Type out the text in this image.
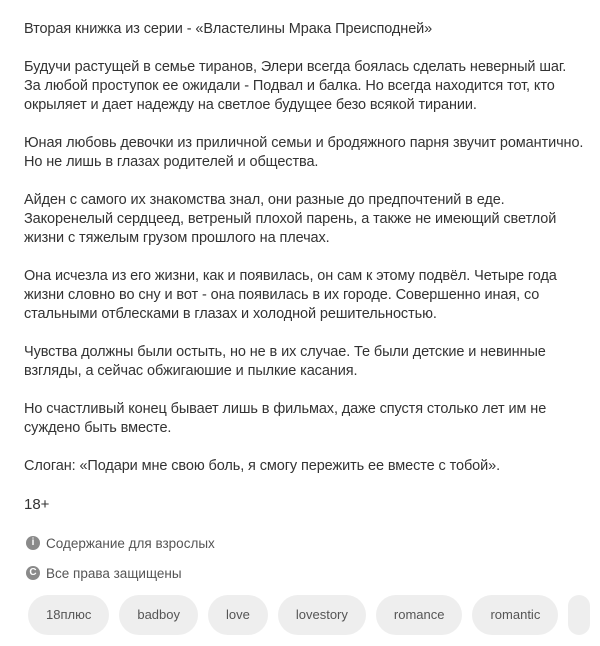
Вторая книжка из серии - «Властелины Мрака Преисподней»

Будучи растущей в семье тиранов, Элери всегда боялась сделать неверный шаг. За любой проступок ее ожидали - Подвал и балка. Но всегда находится тот, кто окрыляет и дает надежду на светлое будущее безо всякой тирании.

Юная любовь девочки из приличной семьи и бродяжного парня звучит романтично. Но не лишь в глазах родителей и общества.

Айден с самого их знакомства знал, они разные до предпочтений в еде. Закоренелый сердцеед, ветреный плохой парень, а также не имеющий светлой жизни с тяжелым грузом прошлого на плечах.

Она исчезла из его жизни, как и появилась, он сам к этому подвёл. Четыре года жизни словно во сну и вот - она появилась в их городе. Совершенно иная, со стальными отблесками в глазах и холодной решительностью.

Чувства должны были остыть, но не в их случае. Те были детские и невинные взгляды, а сейчас обжигаюшие и пылкие касания.

Но счастливый конец бывает лишь в фильмах, даже спустя столько лет им не суждено быть вместе.

Слоган: «Подари мне свою боль, я смогу пережить ее вместе с тобой».

18+
i Содержание для взрослых
C Все права защищены
18плюс	badboy	love	lovestory	romance	romantic
